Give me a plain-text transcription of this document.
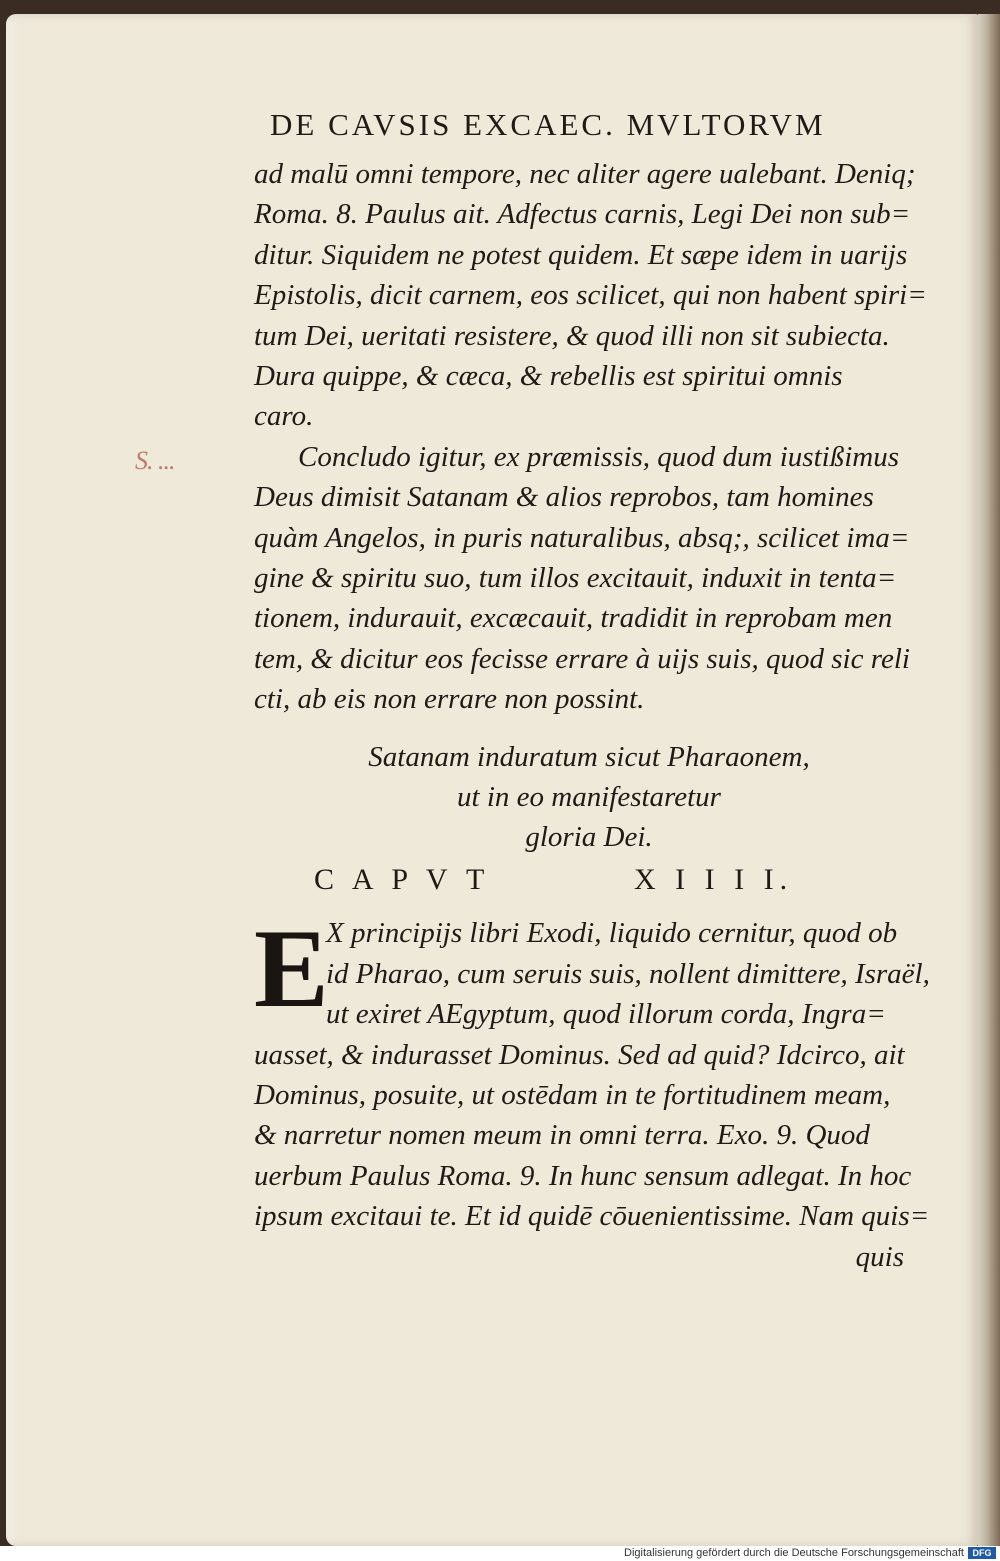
S. ...
DE CAVSIS EXCAEC. MVLTORVM
ad malū omni tempore, nec aliter agere ualebant. Deniq;
Roma. 8. Paulus ait. Adfectus carnis, Legi Dei non sub=
ditur. Siquidem ne potest quidem. Et sæpe idem in uarijs
Epistolis, dicit carnem, eos scilicet, qui non habent spiri=
tum Dei, ueritati resistere, & quod illi non sit subiecta.
Dura quippe, & cæca, & rebellis est spiritui omnis
caro.
Concludo igitur, ex præmissis, quod dum iustißimus
Deus dimisit Satanam & alios reprobos, tam homines
quàm Angelos, in puris naturalibus, absq;, scilicet ima=
gine & spiritu suo, tum illos excitauit, induxit in tenta=
tionem, indurauit, excæcauit, tradidit in reprobam men
tem, & dicitur eos fecisse errare à uijs suis, quod sic reli
cti, ab eis non errare non possint.
Satanam induratum sicut Pharaonem,
ut in eo manifestaretur
gloria Dei.
C A P V T	X I I I I.
E
X principijs libri Exodi, liquido cernitur, quod ob
id Pharao, cum seruis suis, nollent dimittere, Israël,
ut exiret AEgyptum, quod illorum corda, Ingra=
uasset, & indurasset Dominus. Sed ad quid? Idcirco, ait
Dominus, posuite, ut ostēdam in te fortitudinem meam,
& narretur nomen meum in omni terra. Exo. 9. Quod
uerbum Paulus Roma. 9. In hunc sensum adlegat. In hoc
ipsum excitaui te. Et id quidē cōuenientissime. Nam quis=
quis
Digitalisierung gefördert durch die Deutsche Forschungsgemeinschaft DFG
